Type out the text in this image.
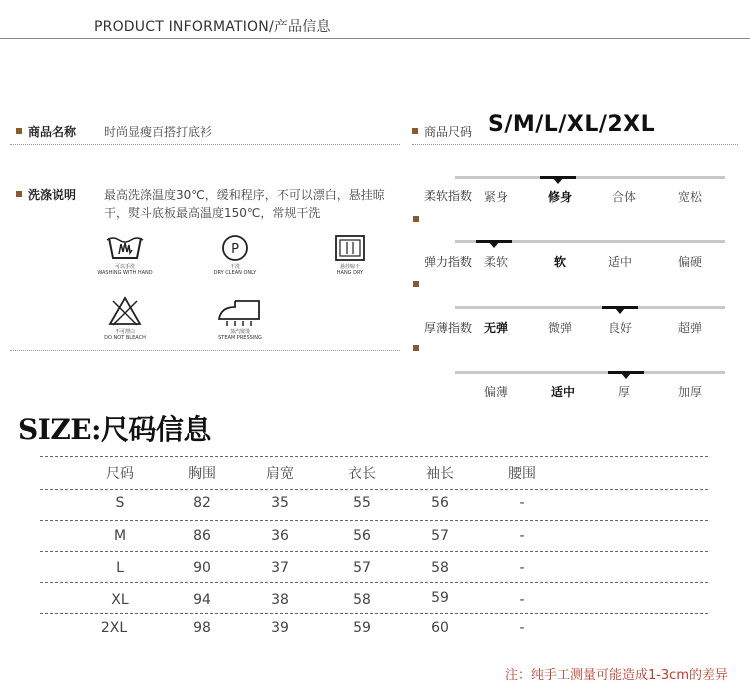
PRODUCT INFORMATION/产品信息
商品名称 时尚显瘦百搭打底衫	商品尺码 S/M/L/XL/2XL
洗涤说明 最高洗涤温度30℃，缓和程序，不可以漂白，悬挂晾干，熨斗底板最高温度150℃，常规干洗
可以手洗
WASHING WITH HAND
P
干洗
DRY CLEAN ONLY
悬挂晾干
HANG DRY
不可漂白
DO NOT BLEACH
蒸汽熨烫
STEAM PRESSING
柔软指数 紧身	修身	合体	宽松
弹力指数 柔软	软	适中	偏硬
厚薄指数 无弹	微弹	良好	超弹
偏薄	适中	厚	加厚
SIZE:尺码信息
尺码	胸围	肩宽	衣长	袖长	腰围
S	82	35	55	56	-
M	86	36	56	57	-
L	90	37	57	58	-
XL	94	38	58	59	-
2XL	98	39	59	60	-
注：纯手工测量可能造成1-3cm的差异
